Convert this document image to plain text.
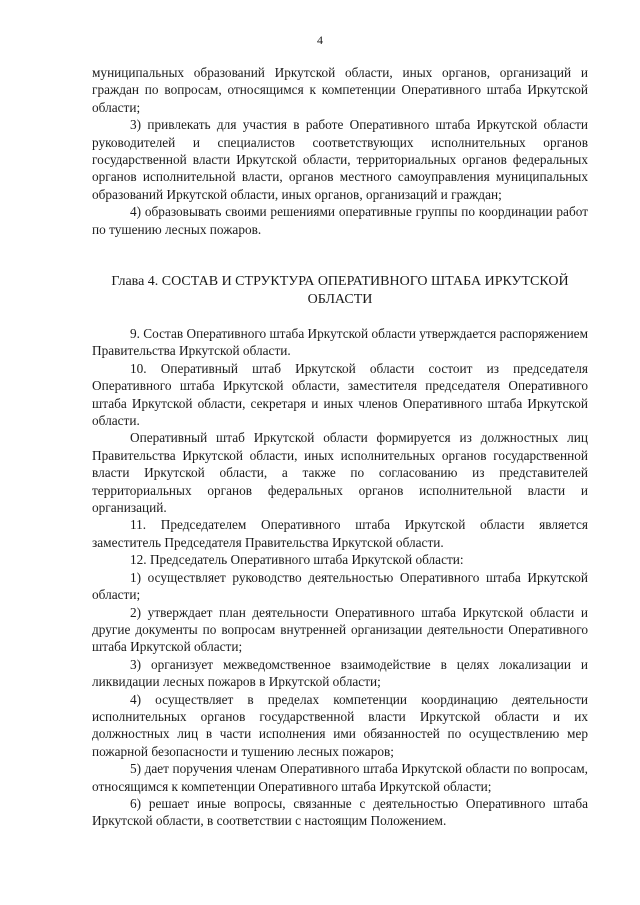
4

муниципальных образований Иркутской области, иных органов, организаций и граждан по вопросам, относящимся к компетенции Оперативного штаба Иркутской области;

3) привлекать для участия в работе Оперативного штаба Иркутской области руководителей и специалистов соответствующих исполнительных органов государственной власти Иркутской области, территориальных органов федеральных органов исполнительной власти, органов местного самоуправления муниципальных образований Иркутской области, иных органов, организаций и граждан;

4) образовывать своими решениями оперативные группы по координации работ по тушению лесных пожаров.

Глава 4. СОСТАВ И СТРУКТУРА ОПЕРАТИВНОГО ШТАБА ИРКУТСКОЙ ОБЛАСТИ

9. Состав Оперативного штаба Иркутской области утверждается распоряжением Правительства Иркутской области.

10. Оперативный штаб Иркутской области состоит из председателя Оперативного штаба Иркутской области, заместителя председателя Оперативного штаба Иркутской области, секретаря и иных членов Оперативного штаба Иркутской области.

Оперативный штаб Иркутской области формируется из должностных лиц Правительства Иркутской области, иных исполнительных органов государственной власти Иркутской области, а также по согласованию из представителей территориальных органов федеральных органов исполнительной власти и организаций.

11. Председателем Оперативного штаба Иркутской области является заместитель Председателя Правительства Иркутской области.

12. Председатель Оперативного штаба Иркутской области:

1) осуществляет руководство деятельностью Оперативного штаба Иркутской области;

2) утверждает план деятельности Оперативного штаба Иркутской области и другие документы по вопросам внутренней организации деятельности Оперативного штаба Иркутской области;

3) организует межведомственное взаимодействие в целях локализации и ликвидации лесных пожаров в Иркутской области;

4) осуществляет в пределах компетенции координацию деятельности исполнительных органов государственной власти Иркутской области и их должностных лиц в части исполнения ими обязанностей по осуществлению мер пожарной безопасности и тушению лесных пожаров;

5) дает поручения членам Оперативного штаба Иркутской области по вопросам, относящимся к компетенции Оперативного штаба Иркутской области;

6) решает иные вопросы, связанные с деятельностью Оперативного штаба Иркутской области, в соответствии с настоящим Положением.
